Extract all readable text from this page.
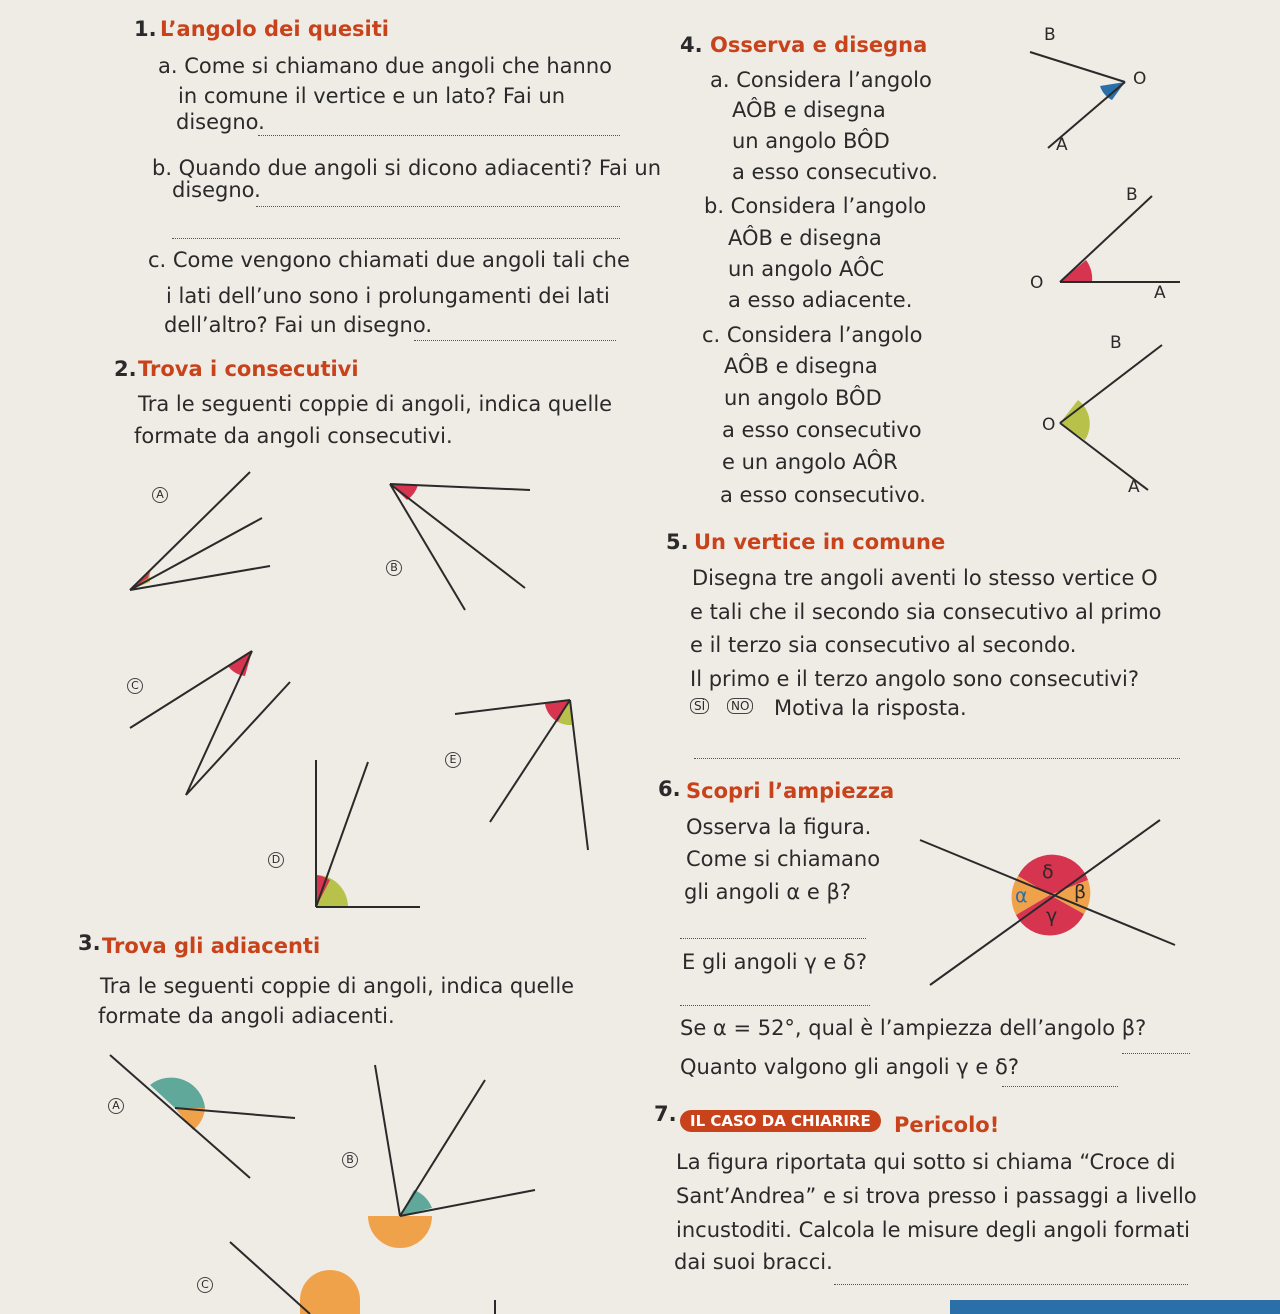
1. L’angolo dei quesiti
a. Come si chiamano due angoli che hanno
in comune il vertice e un lato? Fai un
disegno.
b. Quando due angoli si dicono adiacenti? Fai un
disegno.
c. Come vengono chiamati due angoli tali che
i lati dell’uno sono i prolungamenti dei lati
dell’altro? Fai un disegno.
2. Trova i consecutivi
Tra le seguenti coppie di angoli, indica quelle
formate da angoli consecutivi.
A
B
C
D
E
3. Trova gli adiacenti
Tra le seguenti coppie di angoli, indica quelle
formate da angoli adiacenti.
A
B
C
4. Osserva e disegna
a. Considera l’angolo
AÔB e disegna
un angolo BÔD
a esso consecutivo.
b. Considera l’angolo
AÔB e disegna
un angolo AÔC
a esso adiacente.
c. Considera l’angolo
AÔB e disegna
un angolo BÔD
a esso consecutivo
e un angolo AÔR
a esso consecutivo.
B
O
A
B
O	A
B
O
A
5. Un vertice in comune
Disegna tre angoli aventi lo stesso vertice O
e tali che il secondo sia consecutivo al primo
e il terzo sia consecutivo al secondo.
Il primo e il terzo angolo sono consecutivi?
SÌ	NO Motiva la risposta.
6. Scopri l’ampiezza
Osserva la figura.
Come si chiamano
gli angoli α e β?
E gli angoli γ e δ?
Se α = 52°, qual è l’ampiezza dell’angolo β?
Quanto valgono gli angoli γ e δ?
δ
α β
γ
7. IL CASO DA CHIARIRE	Pericolo!
La figura riportata qui sotto si chiama “Croce di
Sant’Andrea” e si trova presso i passaggi a livello
incustoditi. Calcola le misure degli angoli formati
dai suoi bracci.
